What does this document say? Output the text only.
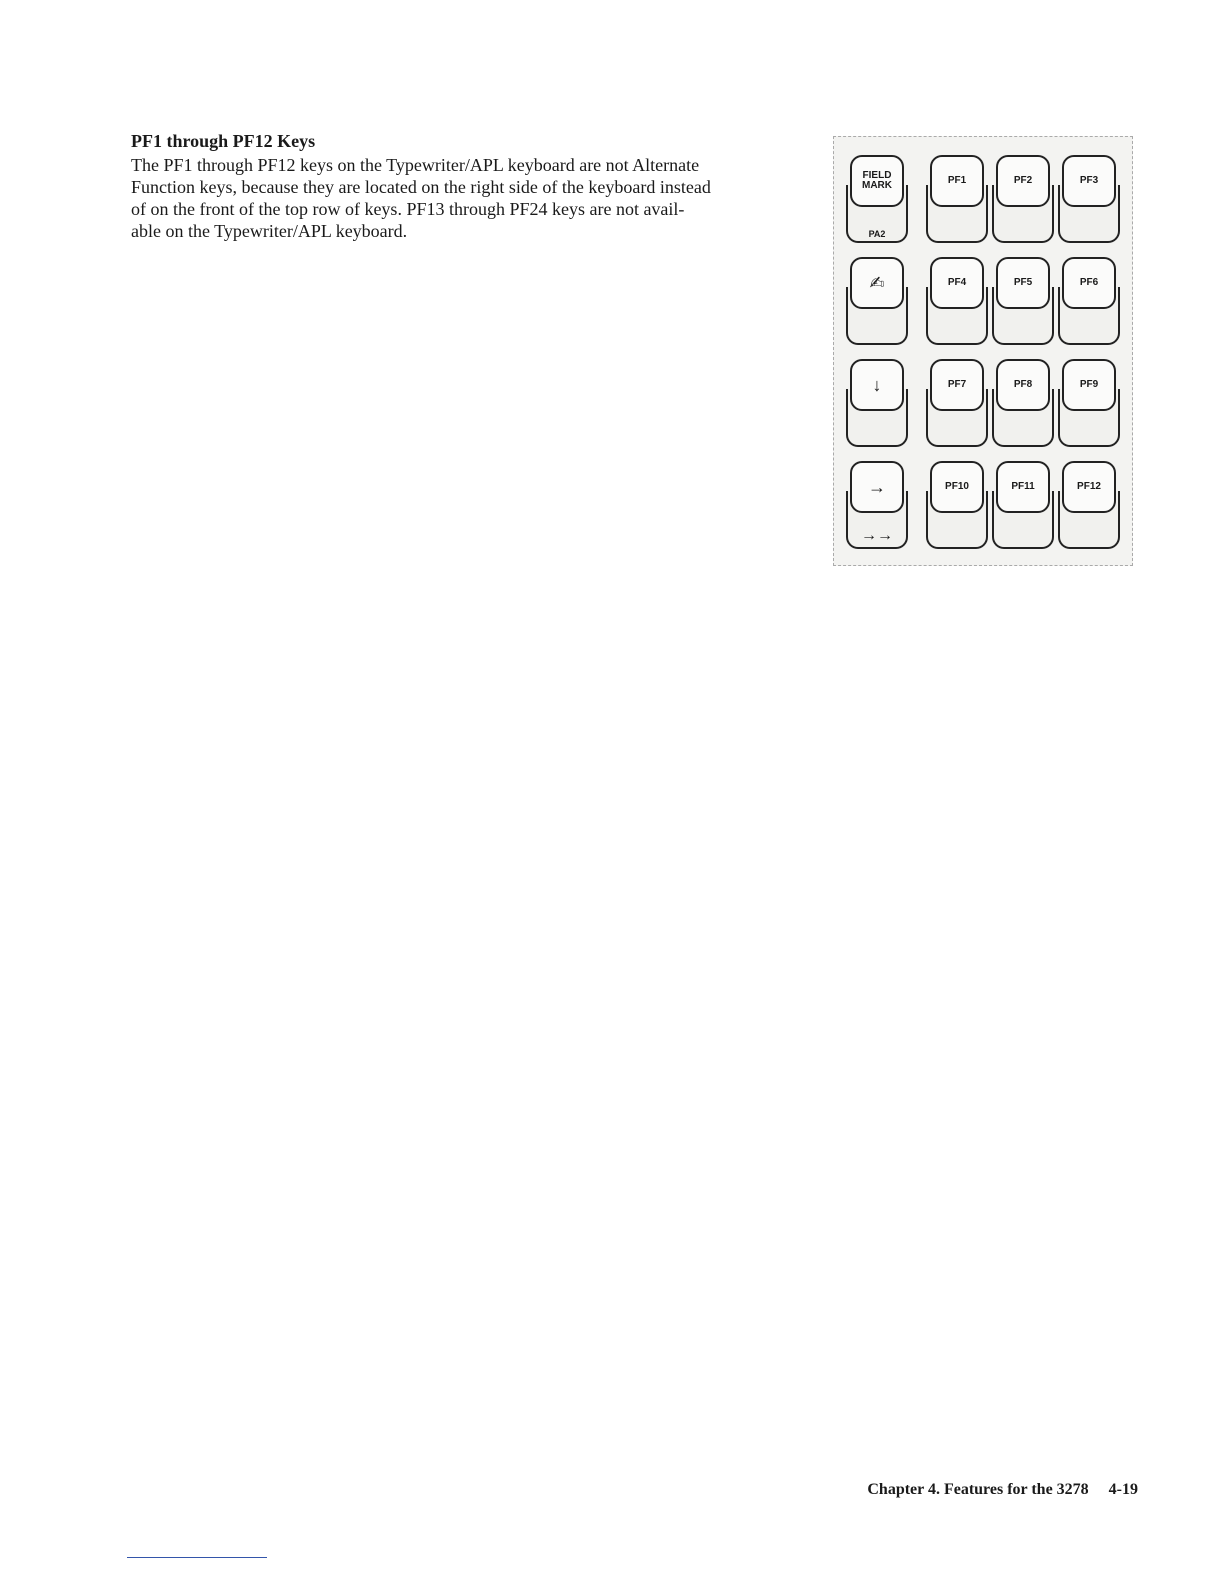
PF1 through PF12 Keys

The PF1 through PF12 keys on the Typewriter/APL keyboard are not Alternate
Function keys, because they are located on the right side of the keyboard instead
of on the front of the top row of keys. PF13 through PF24 keys are not avail-
able on the Typewriter/APL keyboard.

FIELD
MARK
PA2
PF1	PF2	PF3
✍	PF4	PF5	PF6
↓	PF7	PF8	PF9
→
→→
PF10	PF11	PF12
Chapter 4. Features for the 3278 4-19
